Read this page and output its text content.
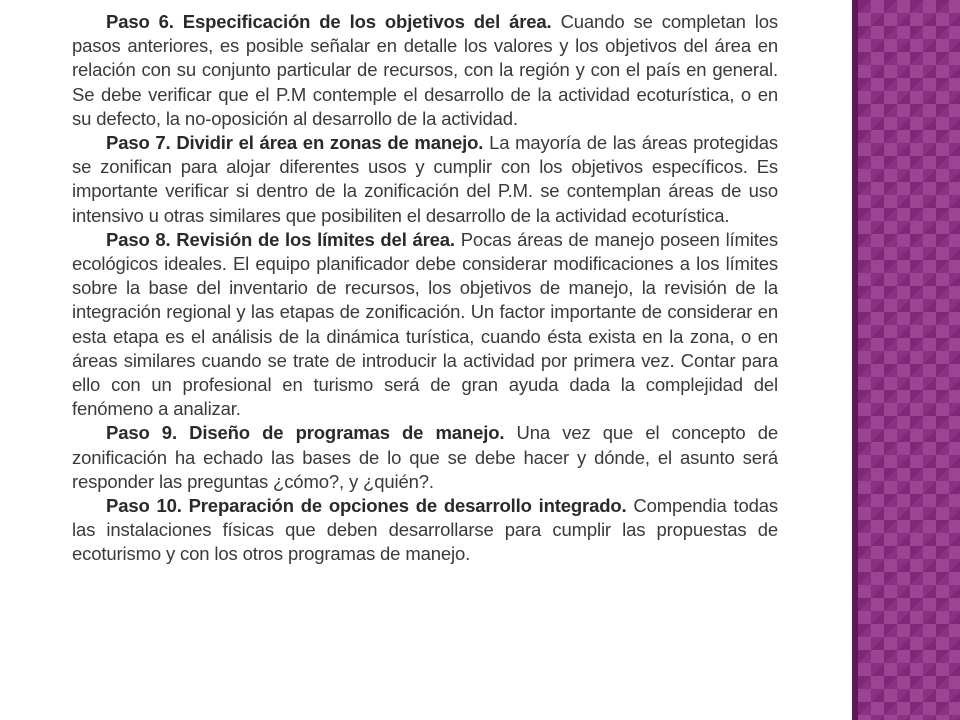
Paso 6. Especificación de los objetivos del área. Cuando se completan los pasos anteriores, es posible señalar en detalle los valores y los objetivos del área en relación con su conjunto particular de recursos, con la región y con el país en general. Se debe verificar que el P.M contemple el desarrollo de la actividad ecoturística, o en su defecto, la no-oposición al desarrollo de la actividad.

Paso 7. Dividir el área en zonas de manejo. La mayoría de las áreas protegidas se zonifican para alojar diferentes usos y cumplir con los objetivos específicos. Es importante verificar si dentro de la zonificación del P.M. se contemplan áreas de uso intensivo u otras similares que posibiliten el desarrollo de la actividad ecoturística.

Paso 8. Revisión de los límites del área. Pocas áreas de manejo poseen límites ecológicos ideales. El equipo planificador debe considerar modificaciones a los límites sobre la base del inventario de recursos, los objetivos de manejo, la revisión de la integración regional y las etapas de zonificación. Un factor importante de considerar en esta etapa es el análisis de la dinámica turística, cuando ésta exista en la zona, o en áreas similares cuando se trate de introducir la actividad por primera vez. Contar para ello con un profesional en turismo será de gran ayuda dada la complejidad del fenómeno a analizar.

Paso 9. Diseño de programas de manejo. Una vez que el concepto de zonificación ha echado las bases de lo que se debe hacer y dónde, el asunto será responder las preguntas ¿cómo?, y ¿quién?.

Paso 10. Preparación de opciones de desarrollo integrado. Compendia todas las instalaciones físicas que deben desarrollarse para cumplir las propuestas de ecoturismo y con los otros programas de manejo.
